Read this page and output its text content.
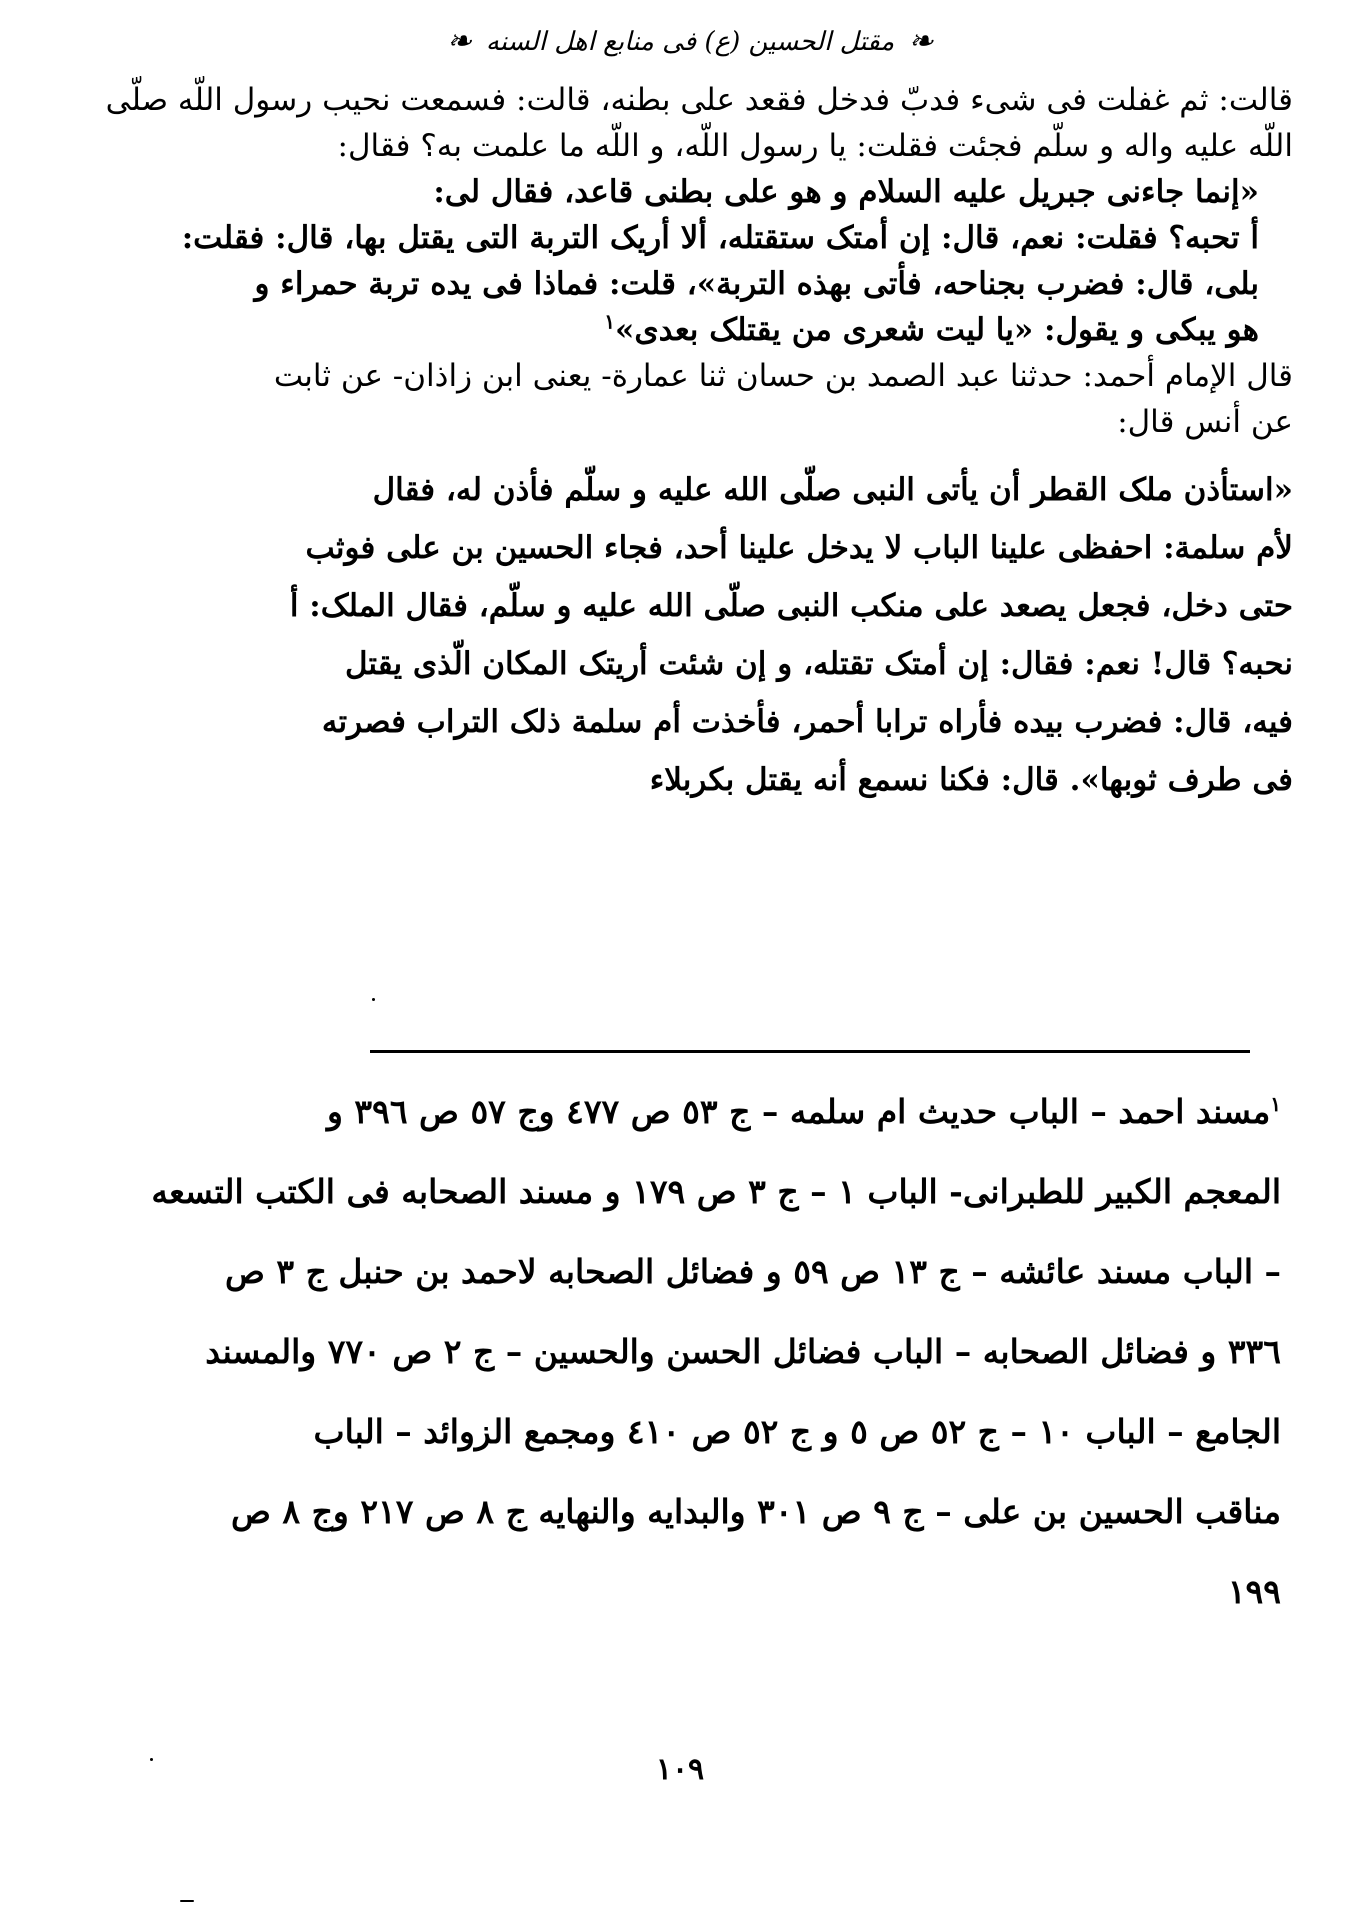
❧
مقتل الحسین (ع) فی منابع اهل السنه
❧
قالت: ثم غفلت فی شیء فدبّ فدخل فقعد علی بطنه، قالت: فسمعت نحیب رسول اللّه صلّی
اللّه علیه واله و سلّم فجئت فقلت: یا رسول اللّه، و اللّه ما علمت به؟ فقال:
«إنما جاءنی جبریل علیه السلام و هو علی بطنی قاعد، فقال لی:
أ تحبه؟ فقلت: نعم، قال: إن أمتک ستقتله، ألا أریک التربة التی یقتل بها، قال: فقلت:
بلی، قال: فضرب بجناحه، فأتی بهذه التربة»، قلت: فماذا فی یده تربة حمراء و
هو یبکی و یقول: «یا لیت شعری من یقتلک بعدی»$^١$
قال الإمام أحمد: حدثنا عبد الصمد بن حسان ثنا عمارة- یعنی ابن زاذان- عن ثابت
عن أنس قال:
«استأذن ملک القطر أن یأتی النبی صلّی الله علیه و سلّم فأذن له، فقال
لأم سلمة: احفظی علینا الباب لا یدخل علینا أحد، فجاء الحسین بن علی فوثب
حتی دخل، فجعل یصعد علی منکب النبی صلّی الله علیه و سلّم، فقال الملک: أ
نحبه؟ قال! نعم: فقال: إن أمتک تقتله، و إن شئت أریتک المکان الّذی یقتل
فیه، قال: فضرب بیده فأراه ترابا أحمر، فأخذت أم سلمة ذلک التراب فصرته
فی طرف ثوبها». قال: فکنا نسمع أنه یقتل بکربلاء
$^١$مسند احمد – الباب حدیث ام سلمه – ج ٥٣ ص ٤٧٧ وج ٥٧ ص ٣٩٦ و
المعجم الکبیر للطبرانی- الباب ١ – ج ٣ ص ١٧٩ و مسند الصحابه فی الکتب التسعه
– الباب مسند عائشه – ج ١٣ ص ٥٩ و فضائل الصحابه لاحمد بن حنبل ج ٣ ص
٣٣٦ و فضائل الصحابه – الباب فضائل الحسن والحسین – ج ٢ ص ٧٧٠ والمسند
الجامع – الباب ١٠ – ج ٥٢ ص ٥ و ج ٥٢ ص ٤١٠ ومجمع الزوائد – الباب
مناقب الحسین بن علی – ج ٩ ص ٣٠١ والبدایه والنهایه ج ٨ ص ٢١٧ وج ٨ ص
١٩٩
١٠٩
